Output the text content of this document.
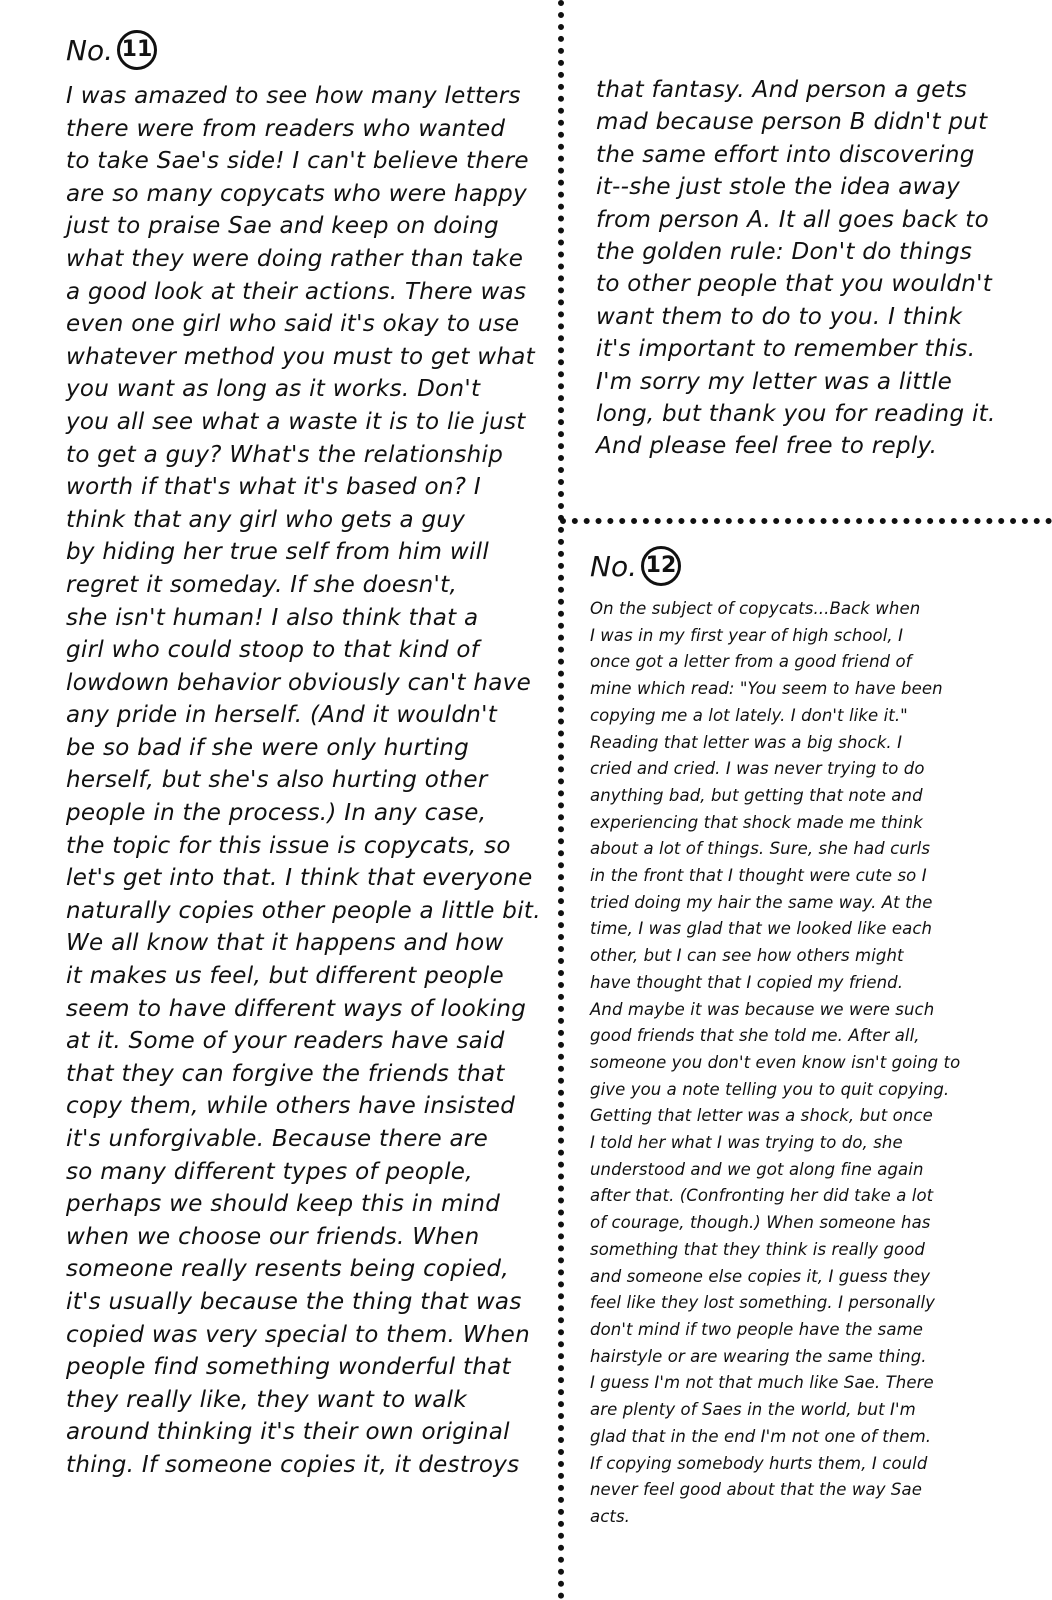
No. 11
I was amazed to see how many letters
there were from readers who wanted
to take Sae's side! I can't believe there
are so many copycats who were happy
just to praise Sae and keep on doing
what they were doing rather than take
a good look at their actions. There was
even one girl who said it's okay to use
whatever method you must to get what
you want as long as it works. Don't
you all see what a waste it is to lie just
to get a guy? What's the relationship
worth if that's what it's based on? I
think that any girl who gets a guy
by hiding her true self from him will
regret it someday. If she doesn't,
she isn't human! I also think that a
girl who could stoop to that kind of
lowdown behavior obviously can't have
any pride in herself. (And it wouldn't
be so bad if she were only hurting
herself, but she's also hurting other
people in the process.) In any case,
the topic for this issue is copycats, so
let's get into that. I think that everyone
naturally copies other people a little bit.
We all know that it happens and how
it makes us feel, but different people
seem to have different ways of looking
at it. Some of your readers have said
that they can forgive the friends that
copy them, while others have insisted
it's unforgivable. Because there are
so many different types of people,
perhaps we should keep this in mind
when we choose our friends. When
someone really resents being copied,
it's usually because the thing that was
copied was very special to them. When
people find something wonderful that
they really like, they want to walk
around thinking it's their own original
thing. If someone copies it, it destroys
that fantasy. And person a gets
mad because person B didn't put
the same effort into discovering
it--she just stole the idea away
from person A. It all goes back to
the golden rule: Don't do things
to other people that you wouldn't
want them to do to you. I think
it's important to remember this.
I'm sorry my letter was a little
long, but thank you for reading it.
And please feel free to reply.
No. 12
On the subject of copycats...Back when
I was in my first year of high school, I
once got a letter from a good friend of
mine which read: "You seem to have been
copying me a lot lately. I don't like it."
Reading that letter was a big shock. I
cried and cried. I was never trying to do
anything bad, but getting that note and
experiencing that shock made me think
about a lot of things. Sure, she had curls
in the front that I thought were cute so I
tried doing my hair the same way. At the
time, I was glad that we looked like each
other, but I can see how others might
have thought that I copied my friend.
And maybe it was because we were such
good friends that she told me. After all,
someone you don't even know isn't going to
give you a note telling you to quit copying.
Getting that letter was a shock, but once
I told her what I was trying to do, she
understood and we got along fine again
after that. (Confronting her did take a lot
of courage, though.) When someone has
something that they think is really good
and someone else copies it, I guess they
feel like they lost something. I personally
don't mind if two people have the same
hairstyle or are wearing the same thing.
I guess I'm not that much like Sae. There
are plenty of Saes in the world, but I'm
glad that in the end I'm not one of them.
If copying somebody hurts them, I could
never feel good about that the way Sae
acts.
